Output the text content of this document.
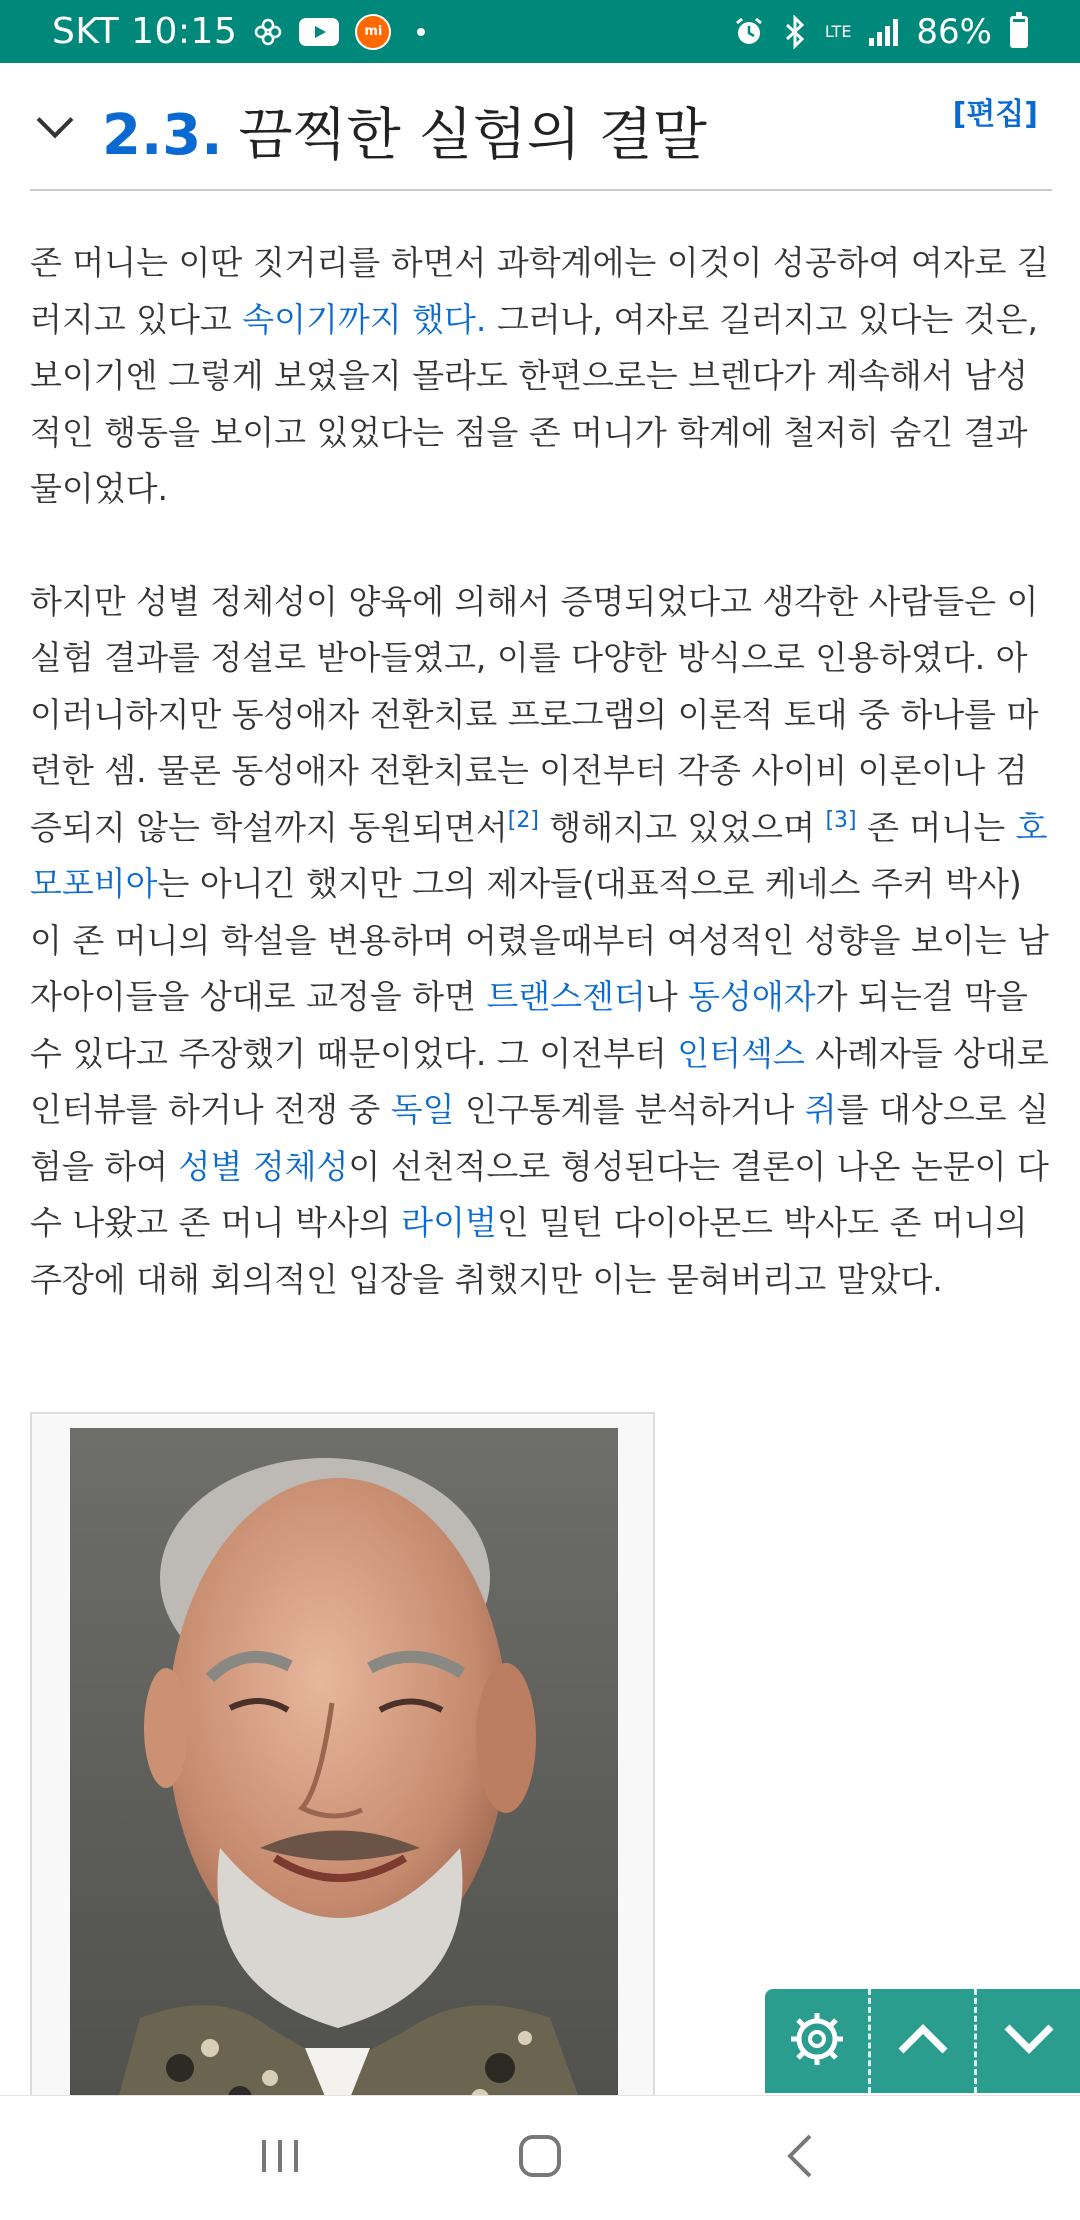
SKT 10:15	mi	LTE 86%
2.3. 끔찍한 실험의 결말	[편집]

존 머니는 이딴 짓거리를 하면서 과학계에는 이것이 성공하여 여자로 길러지고 있다고 속이기까지 했다. 그러나, 여자로 길러지고 있다는 것은, 보이기엔 그렇게 보였을지 몰라도 한편으로는 브렌다가 계속해서 남성적인 행동을 보이고 있었다는 점을 존 머니가 학계에 철저히 숨긴 결과물이었다.

하지만 성별 정체성이 양육에 의해서 증명되었다고 생각한 사람들은 이 실험 결과를 정설로 받아들였고, 이를 다양한 방식으로 인용하였다. 아이러니하지만 동성애자 전환치료 프로그램의 이론적 토대 중 하나를 마련한 셈. 물론 동성애자 전환치료는 이전부터 각종 사이비 이론이나 검증되지 않는 학설까지 동원되면서[2] 행해지고 있었으며 [3] 존 머니는 호모포비아는 아니긴 했지만 그의 제자들(대표적으로 케네스 주커 박사)이 존 머니의 학설을 변용하며 어렸을때부터 여성적인 성향을 보이는 남자아이들을 상대로 교정을 하면 트랜스젠더나 동성애자가 되는걸 막을 수 있다고 주장했기 때문이었다. 그 이전부터 인터섹스 사례자들 상대로 인터뷰를 하거나 전쟁 중 독일 인구통계를 분석하거나 쥐를 대상으로 실험을 하여 성별 정체성이 선천적으로 형성된다는 결론이 나온 논문이 다수 나왔고 존 머니 박사의 라이벌인 밀턴 다이아몬드 박사도 존 머니의 주장에 대해 회의적인 입장을 취했지만 이는 묻혀버리고 말았다.
